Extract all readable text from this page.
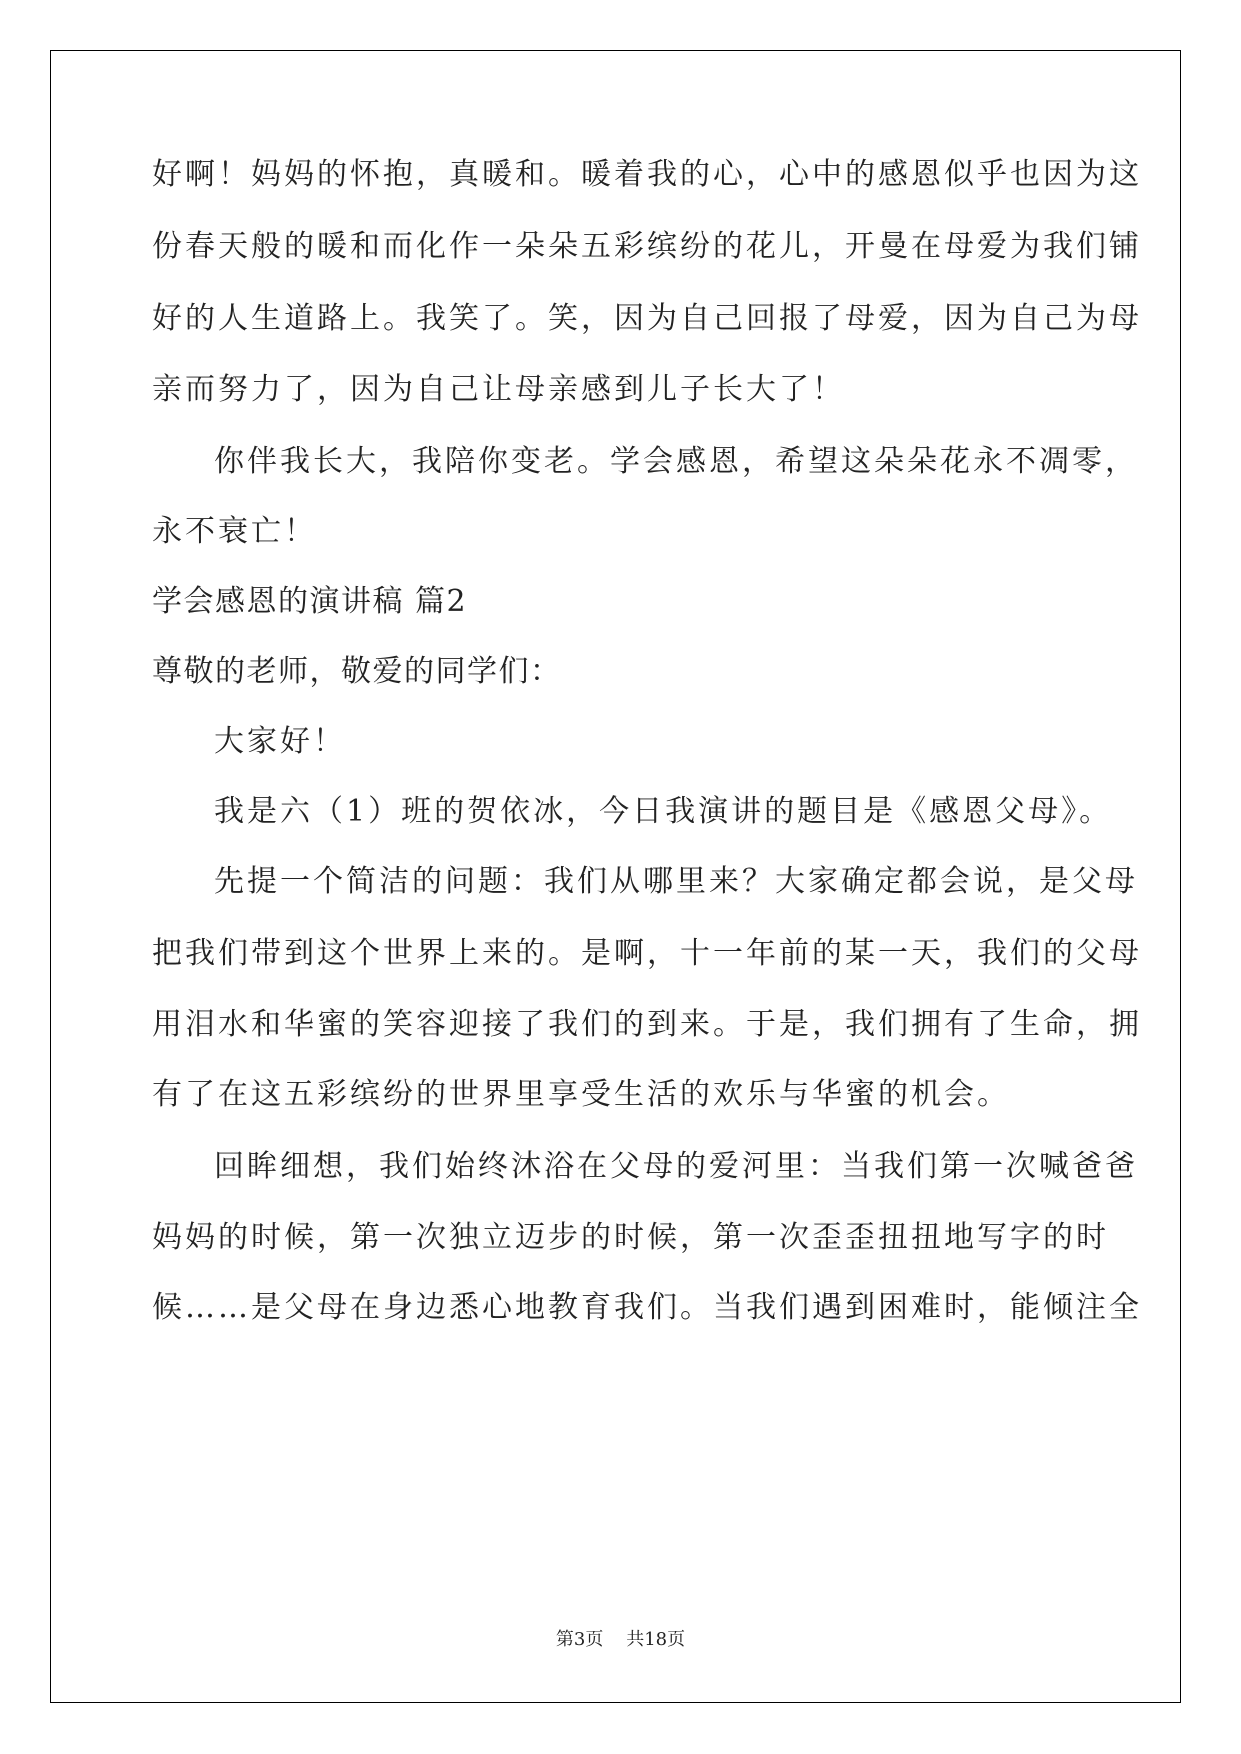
好啊！妈妈的怀抱，真暖和。暖着我的心，心中的感恩似乎也因为这
份春天般的暖和而化作一朵朵五彩缤纷的花儿，开曼在母爱为我们铺
好的人生道路上。我笑了。笑，因为自己回报了母爱，因为自己为母
亲而努力了，因为自己让母亲感到儿子长大了！
你伴我长大，我陪你变老。学会感恩，希望这朵朵花永不凋零，
永不衰亡！
学会感恩的演讲稿 篇2
尊敬的老师，敬爱的同学们：
大家好！
我是六（1）班的贺依冰，今日我演讲的题目是《感恩父母》。
先提一个简洁的问题：我们从哪里来？大家确定都会说，是父母
把我们带到这个世界上来的。是啊，十一年前的某一天，我们的父母
用泪水和华蜜的笑容迎接了我们的到来。于是，我们拥有了生命，拥
有了在这五彩缤纷的世界里享受生活的欢乐与华蜜的机会。
回眸细想，我们始终沐浴在父母的爱河里：当我们第一次喊爸爸
妈妈的时候，第一次独立迈步的时候，第一次歪歪扭扭地写字的时
候……是父母在身边悉心地教育我们。当我们遇到困难时，能倾注全
第3页 共18页
